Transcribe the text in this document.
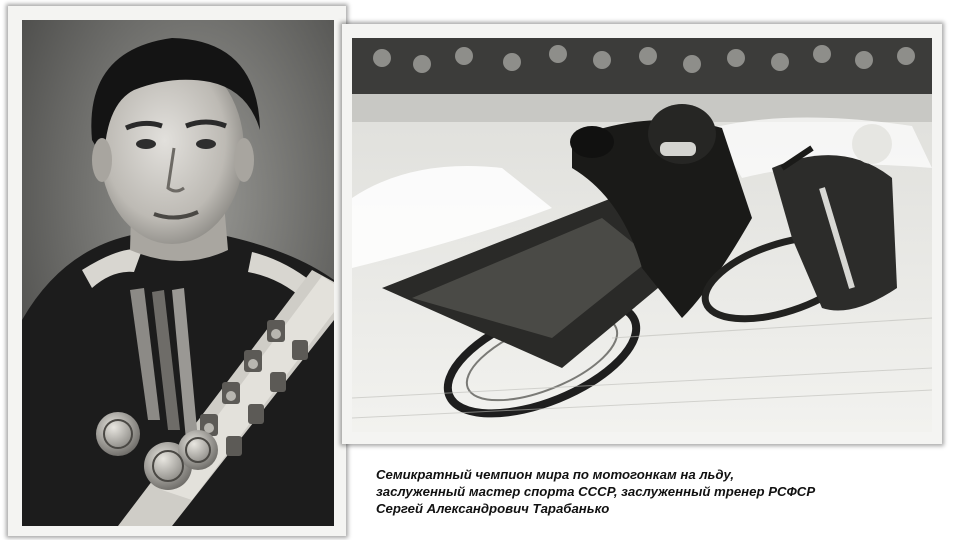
Семикратный чемпион мира по мотогонкам на льду,
заслуженный мастер спорта СССР, заслуженный тренер РСФСР
Сергей Александрович Тарабанько
